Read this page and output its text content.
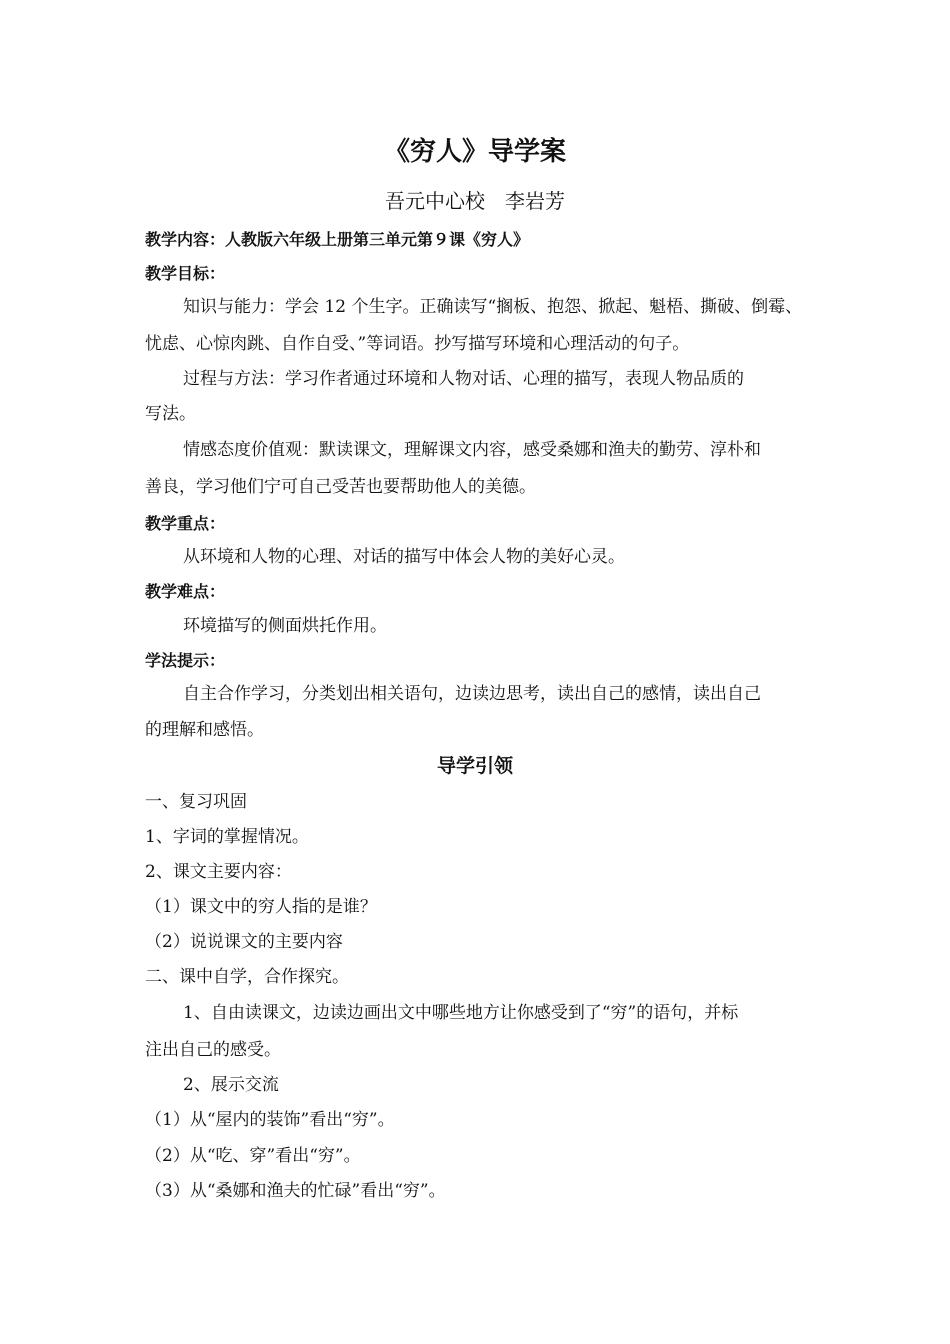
《穷人》导学案
吾元中心校　李岩芳
教学内容：人教版六年级上册第三单元第９课《穷人》
教学目标：
知识与能力：学会 12 个生字。正确读写“搁板、抱怨、掀起、魁梧、撕破、倒霉、
忧虑、心惊肉跳、自作自受、”等词语。抄写描写环境和心理活动的句子。
过程与方法：学习作者通过环境和人物对话、心理的描写，表现人物品质的
写法。
情感态度价值观：默读课文，理解课文内容，感受桑娜和渔夫的勤劳、淳朴和
善良，学习他们宁可自己受苦也要帮助他人的美德。
教学重点：
从环境和人物的心理、对话的描写中体会人物的美好心灵。
教学难点：
环境描写的侧面烘托作用。
学法提示：
自主合作学习，分类划出相关语句，边读边思考，读出自己的感情，读出自己
的理解和感悟。
导学引领
一、复习巩固
1、字词的掌握情况。
2、课文主要内容：
（1）课文中的穷人指的是谁？
（2）说说课文的主要内容
二、课中自学，合作探究。
1、自由读课文，边读边画出文中哪些地方让你感受到了“穷”的语句，并标
注出自己的感受。
2、展示交流
（1）从“屋内的装饰”看出“穷”。
（2）从“吃、穿”看出“穷”。
（3）从“桑娜和渔夫的忙碌”看出“穷”。
